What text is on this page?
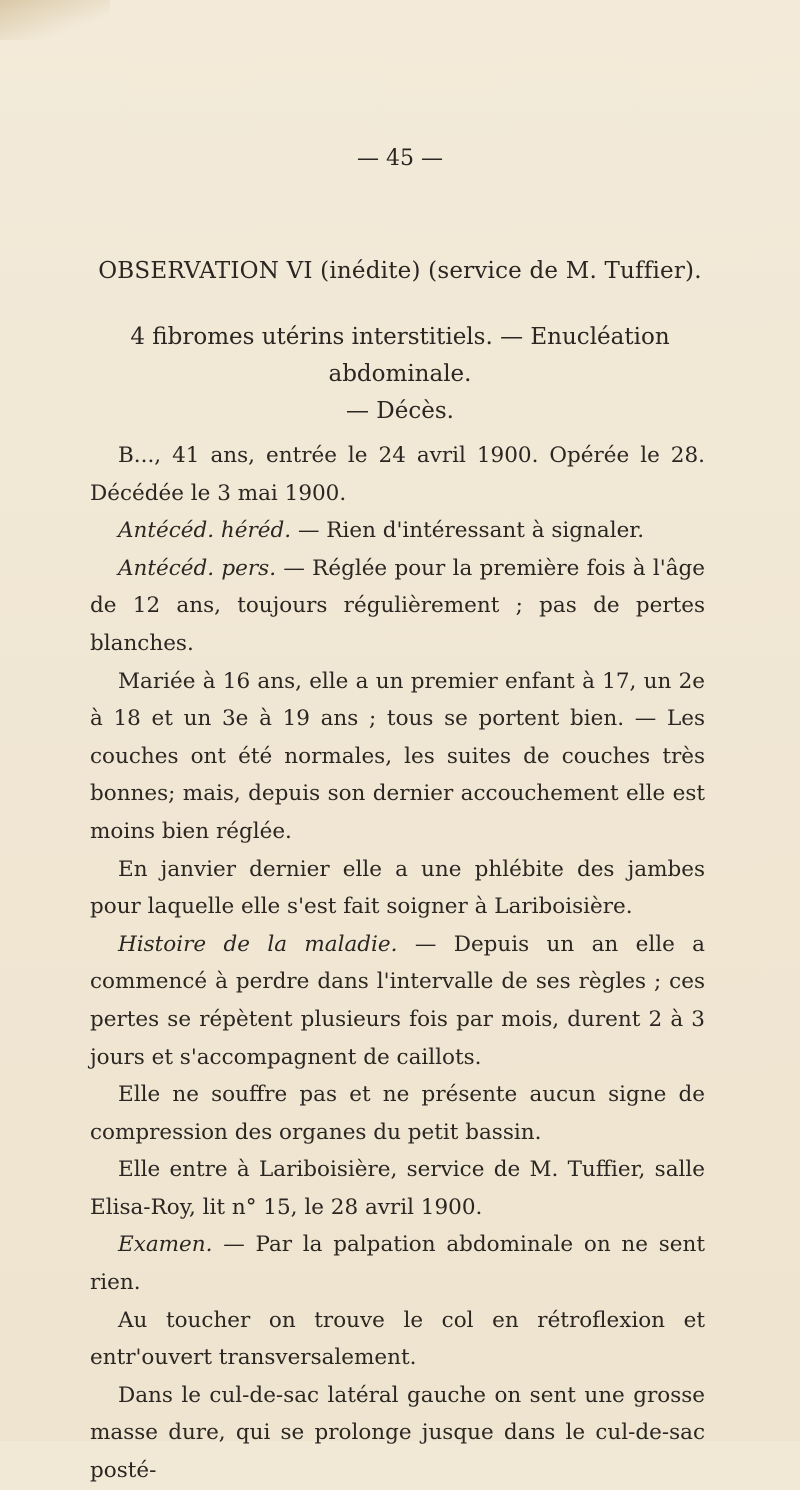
— 45 —
OBSERVATION VI (inédite) (service de M. Tuffier).
4 fibromes utérins interstitiels. — Enucléation abdominale.
— Décès.

B..., 41 ans, entrée le 24 avril 1900. Opérée le 28. Décédée le 3 mai 1900.

Antécéd. héréd. — Rien d'intéressant à signaler.

Antécéd. pers. — Réglée pour la première fois à l'âge de 12 ans, toujours régulièrement ; pas de pertes blanches.

Mariée à 16 ans, elle a un premier enfant à 17, un 2e à 18 et un 3e à 19 ans ; tous se portent bien. — Les couches ont été normales, les suites de couches très bonnes; mais, depuis son dernier accouchement elle est moins bien réglée.

En janvier dernier elle a une phlébite des jambes pour laquelle elle s'est fait soigner à Lariboisière.

Histoire de la maladie. — Depuis un an elle a commencé à perdre dans l'intervalle de ses règles ; ces pertes se répètent plusieurs fois par mois, durent 2 à 3 jours et s'accompagnent de caillots.

Elle ne souffre pas et ne présente aucun signe de compression des organes du petit bassin.

Elle entre à Lariboisière, service de M. Tuffier, salle Elisa-Roy, lit n° 15, le 28 avril 1900.

Examen. — Par la palpation abdominale on ne sent rien.

Au toucher on trouve le col en rétroflexion et entr'ouvert transversalement.

Dans le cul-de-sac latéral gauche on sent une grosse masse dure, qui se prolonge jusque dans le cul-de-sac posté-
